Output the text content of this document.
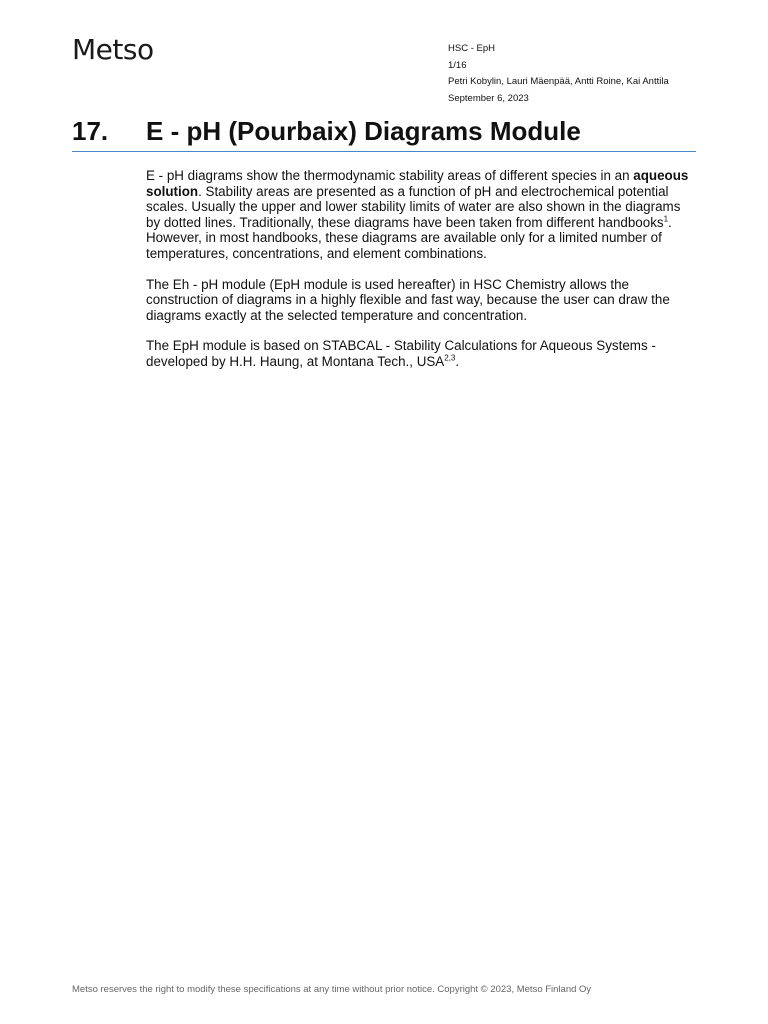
Metso	HSC - EpH
1/16
Petri Kobylin, Lauri Mäenpää, Antti Roine, Kai Anttila
September 6, 2023
17. E - pH (Pourbaix) Diagrams Module

E - pH diagrams show the thermodynamic stability areas of different species in an aqueous solution. Stability areas are presented as a function of pH and electrochemical potential scales. Usually the upper and lower stability limits of water are also shown in the diagrams by dotted lines. Traditionally, these diagrams have been taken from different handbooks$^1$. However, in most handbooks, these diagrams are available only for a limited number of temperatures, concentrations, and element combinations.

The Eh - pH module (EpH module is used hereafter) in HSC Chemistry allows the construction of diagrams in a highly flexible and fast way, because the user can draw the diagrams exactly at the selected temperature and concentration.

The EpH module is based on STABCAL - Stability Calculations for Aqueous Systems - developed by H.H. Haung, at Montana Tech., USA$^{2,3}$.

Metso reserves the right to modify these specifications at any time without prior notice. Copyright © 2023, Metso Finland Oy
